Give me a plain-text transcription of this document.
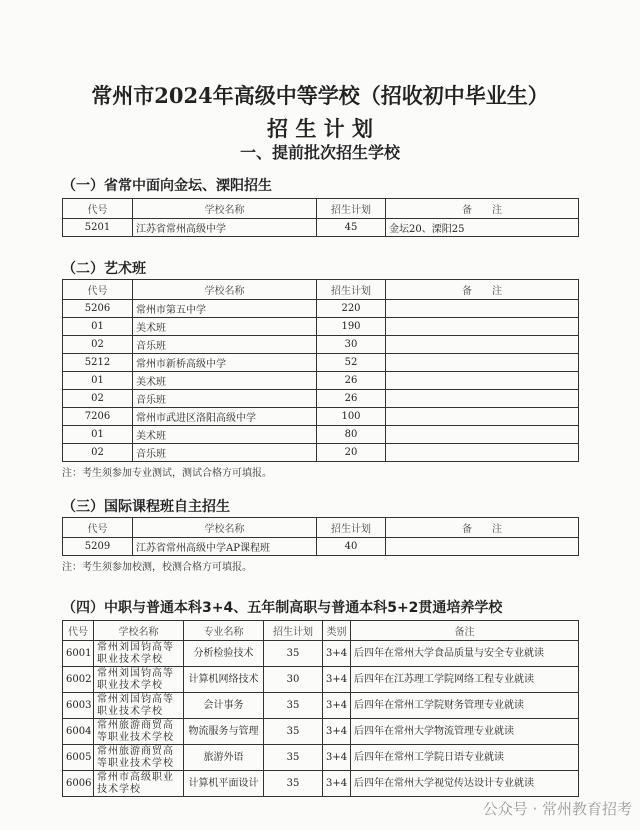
常州市2024年高级中等学校（招收初中毕业生）
招 生 计 划
一、提前批次招生学校
（一）省常中面向金坛、溧阳招生
代号	学校名称	招生计划	备　　注
5201	江苏省常州高级中学	45	金坛20、溧阳25
（二）艺术班
代号	学校名称	招生计划	备　　注
5206	常州市第五中学	220	
01	美术班	190	
02	音乐班	30	
5212	常州市新桥高级中学	52	
01	美术班	26	
02	音乐班	26	
7206	常州市武进区洛阳高级中学	100	
01	美术班	80	
02	音乐班	20	
注：考生须参加专业测试，测试合格方可填报。
（三）国际课程班自主招生
代号	学校名称	招生计划	备　　注
5209	江苏省常州高级中学AP课程班	40	
注：考生须参加校测，校测合格方可填报。
（四）中职与普通本科3+4、五年制高职与普通本科5+2贯通培养学校
代号	学校名称	专业名称	招生计划	类别	备注
6001	常州刘国钧高等职业技术学校	分析检验技术	35	3+4	后四年在常州大学食品质量与安全专业就读
6002	常州刘国钧高等职业技术学校	计算机网络技术	30	3+4	后四年在江苏理工学院网络工程专业就读
6003	常州刘国钧高等职业技术学校	会计事务	35	3+4	后四年在常州工学院财务管理专业就读
6004	常州旅游商贸高等职业技术学校	物流服务与管理	35	3+4	后四年在常州大学物流管理专业就读
6005	常州旅游商贸高等职业技术学校	旅游外语	35	3+4	后四年在常州工学院日语专业就读
6006	常州市高级职业技术学校	计算机平面设计	35	3+4	后四年在常州大学视觉传达设计专业就读
公众号 · 常州教育招考
